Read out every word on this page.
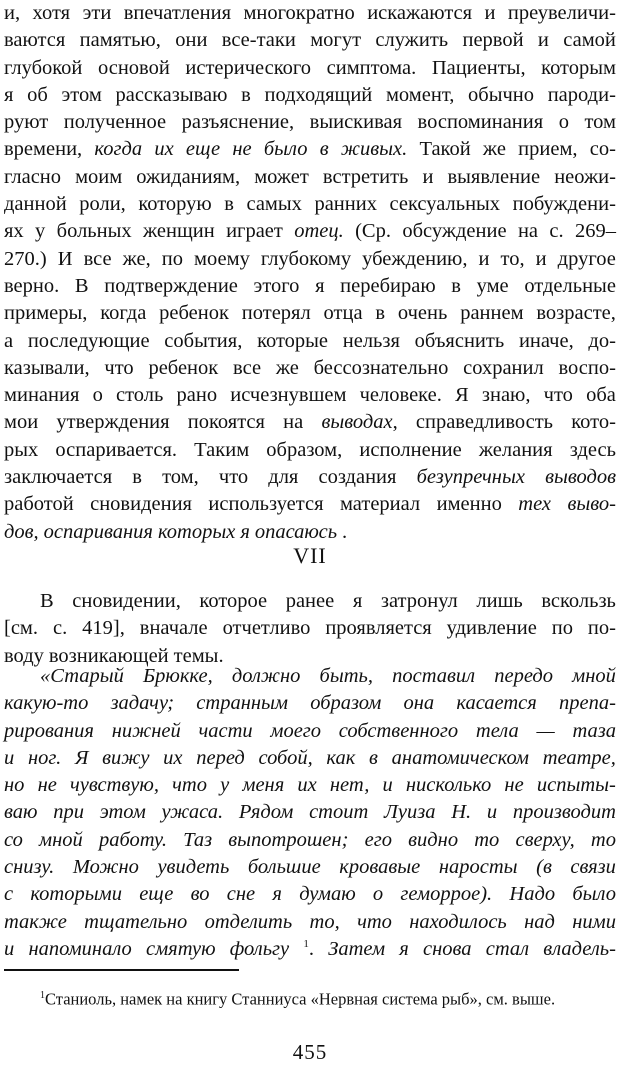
и, хотя эти впечатления многократно искажаются и преувеличи-
ваются памятью, они все-таки могут служить первой и самой
глубокой основой истерического симптома. Пациенты, которым
я об этом рассказываю в подходящий момент, обычно пароди-
руют полученное разъяснение, выискивая воспоминания о том
времени, когда их еще не было в живых. Такой же прием, со-
гласно моим ожиданиям, может встретить и выявление неожи-
данной роли, которую в самых ранних сексуальных побуждени-
ях у больных женщин играет отец. (Ср. обсуждение на с. 269–
270.) И все же, по моему глубокому убеждению, и то, и другое
верно. В подтверждение этого я перебираю в уме отдельные
примеры, когда ребенок потерял отца в очень раннем возрасте,
а последующие события, которые нельзя объяснить иначе, до-
казывали, что ребенок все же бессознательно сохранил воспо-
минания о столь рано исчезнувшем человеке. Я знаю, что оба
мои утверждения покоятся на выводах, справедливость кото-
рых оспаривается. Таким образом, исполнение желания здесь
заключается в том, что для создания безупречных выводов
работой сновидения используется материал именно тех выво-
дов, оспаривания которых я опасаюсь .
VII
В сновидении, которое ранее я затронул лишь вскользь
[см. с. 419], вначале отчетливо проявляется удивление по по-
воду возникающей темы.
«Старый Брюкке, должно быть, поставил передо мной
какую-то задачу; странным образом она касается препа-
рирования нижней части моего собственного тела — таза
и ног. Я вижу их перед собой, как в анатомическом театре,
но не чувствую, что у меня их нет, и нисколько не испыты-
ваю при этом ужаса. Рядом стоит Луиза Н. и производит
со мной работу. Таз выпотрошен; его видно то сверху, то
снизу. Можно увидеть большие кровавые наросты (в связи
с которыми еще во сне я думаю о геморрое). Надо было
также тщательно отделить то, что находилось над ними
и напоминало смятую фольгу $^1$. Затем я снова стал владель-
$^1$Станиоль, намек на книгу Станниуса «Нервная система рыб», см. выше.
455
